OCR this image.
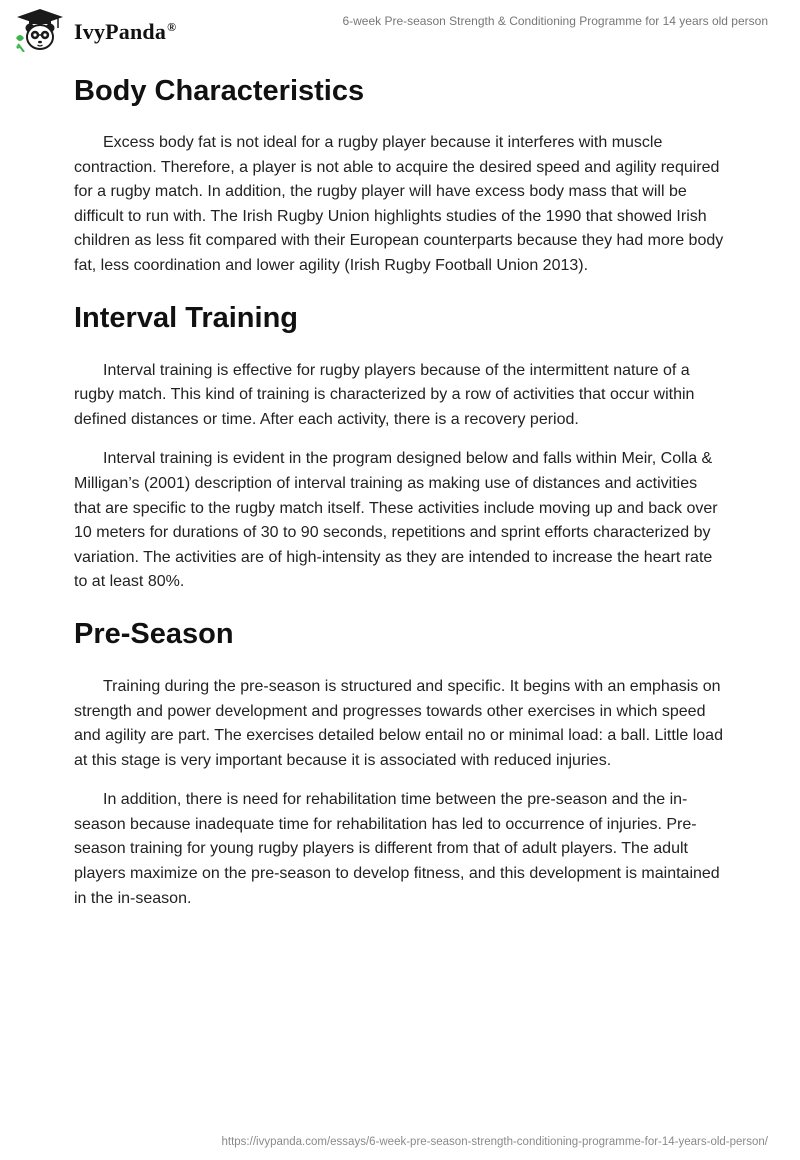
IvyPanda®	6-week Pre-season Strength & Conditioning Programme for 14 years old person
Body Characteristics

Excess body fat is not ideal for a rugby player because it interferes with muscle contraction. Therefore, a player is not able to acquire the desired speed and agility required for a rugby match. In addition, the rugby player will have excess body mass that will be difficult to run with. The Irish Rugby Union highlights studies of the 1990 that showed Irish children as less fit compared with their European counterparts because they had more body fat, less coordination and lower agility (Irish Rugby Football Union 2013).

Interval Training

Interval training is effective for rugby players because of the intermittent nature of a rugby match. This kind of training is characterized by a row of activities that occur within defined distances or time. After each activity, there is a recovery period.

Interval training is evident in the program designed below and falls within Meir, Colla & Milligan’s (2001) description of interval training as making use of distances and activities that are specific to the rugby match itself. These activities include moving up and back over 10 meters for durations of 30 to 90 seconds, repetitions and sprint efforts characterized by variation. The activities are of high-intensity as they are intended to increase the heart rate to at least 80%.

Pre-Season

Training during the pre-season is structured and specific. It begins with an emphasis on strength and power development and progresses towards other exercises in which speed and agility are part. The exercises detailed below entail no or minimal load: a ball. Little load at this stage is very important because it is associated with reduced injuries.

In addition, there is need for rehabilitation time between the pre-season and the in-season because inadequate time for rehabilitation has led to occurrence of injuries. Pre-season training for young rugby players is different from that of adult players. The adult players maximize on the pre-season to develop fitness, and this development is maintained in the in-season.

https://ivypanda.com/essays/6-week-pre-season-strength-conditioning-programme-for-14-years-old-person/
